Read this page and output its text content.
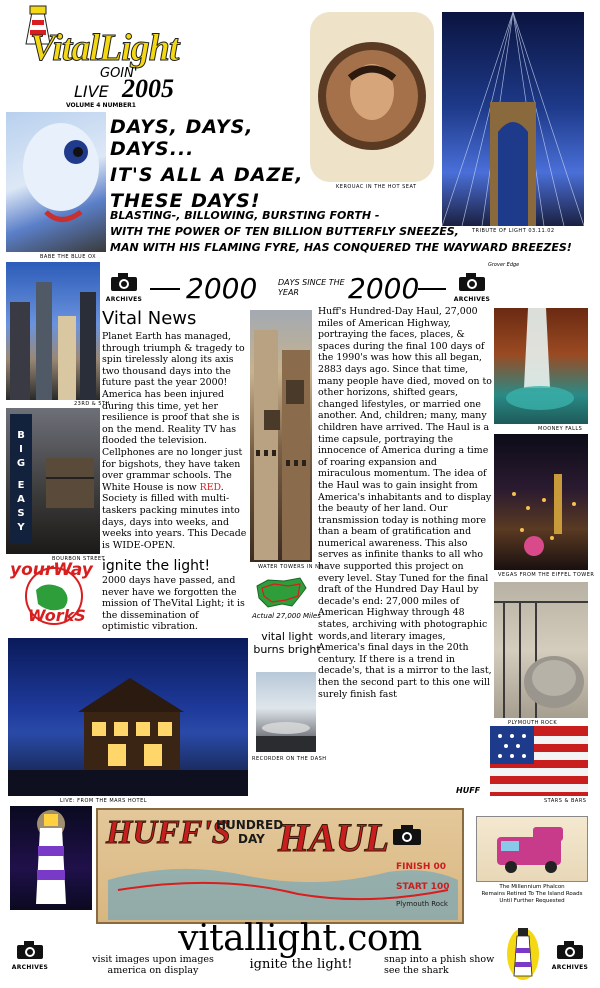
VitalLight
GOIN'
LIVE 2005
VOLUME 4 NUMBER1
BABE THE BLUE OX
KEROUAC IN THE HOT SEAT
TRIBUTE OF LIGHT 03.11.02
DAYS, DAYS, DAYS...
IT'S ALL A DAZE,
THESE DAYS!
BLASTING-, BILLOWING, BURSTING FORTH -
WITH THE POWER OF TEN BILLION BUTTERFLY SNEEZES,
MAN WITH HIS FLAMING FYRE, HAS CONQUERED THE WAYWARD BREEZES!
Grover Edge
ARCHIVES 2000	DAYS SINCE THE YEAR	2000	ARCHIVES
23RD & 5TH
B
I
G
E
A
S
Y
BOURBON STREET
Vital News
Planet Earth has managed, through triumph & tragedy to spin tirelessly along its axis two thousand days into the future past the year 2000! America has been injured during this time, yet her resilience is proof that she is on the mend. Reality TV has flooded the television. Cellphones are no longer just for bigshots, they have taken over grammar schools. The White House is now RED. Society is filled with multi-taskers packing minutes into days, days into weeks, and weeks into years. This Decade is WIDE-OPEN.
yourWay
WorkS
ignite the light!
2000 days have passed, and never have we forgotten the mission of TheVital Light; it is the dissemination of optimistic vibration.
WATER TOWERS IN NY
Actual 27,000 Miles
vital light
burns bright
RECORDER ON THE DASH
Huff's Hundred-Day Haul, 27,000 miles of American Highway, portraying the faces, places, & spaces during the final 100 days of the 1990's was how this all began, 2883 days ago. Since that time, many people have died, moved on to other horizons, shifted gears, changed lifestyles, or married one another. And, children; many, many children have arrived. The Haul is a time capsule, portraying the innocence of America during a time of roaring expansion and miraculous momentum. The idea of the Haul was to gain insight from America's inhabitants and to display the beauty of her land. Our transmission today is nothing more than a beam of gratification and numerical awareness. This also serves as infinite thanks to all who have supported this project on every level. Stay Tuned for the final draft of the Hundred Day Haul by decade's end: 27,000 miles of American Highway through 48 states, archiving with photographic words,and literary images, America's final days in the 20th century. If there is a trend in decade's, that is a mirror to the last, then the second part to this one will surely finish fast
HUFF
MOONEY FALLS
VEGAS FROM THE EIFFEL TOWER
PLYMOUTH ROCK
STARS & BARS
LIVE: FROM THE MARS HOTEL
HUFF'S
HUNDRED
DAY HAUL
FINISH 00
START 100
Plymouth Rock
The Millennium Phalcon
Remains Retired To The Island Roads
Until Further Requested
ARCHIVES
vitallight.com
visit images upon images
america on display	ignite the light!	snap into a phish show
see the shark	ARCHIVES
